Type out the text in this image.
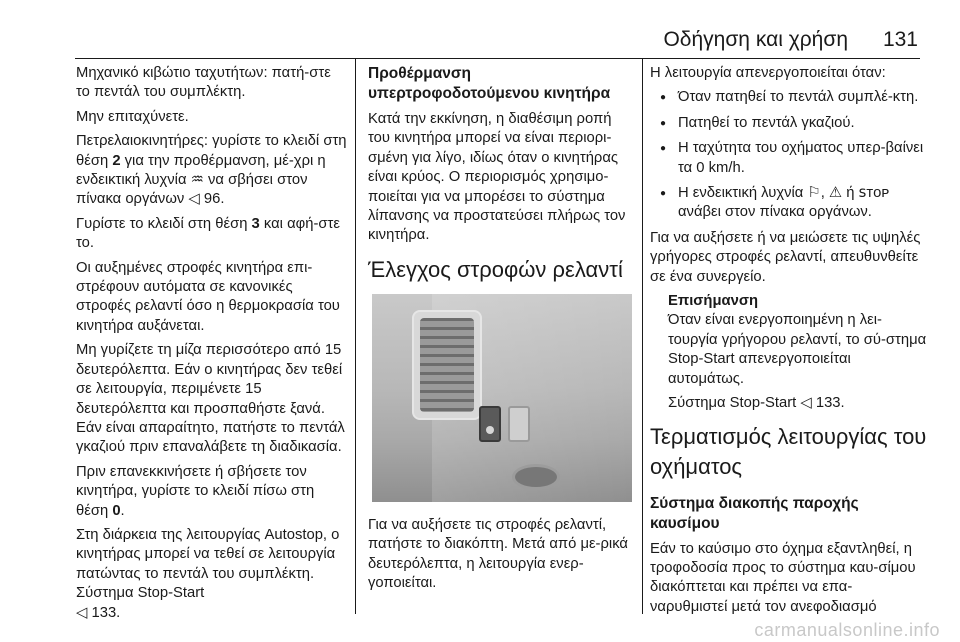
Οδήγηση και χρήση 131

Μηχανικό κιβώτιο ταχυτήτων: πατή-στε το πεντάλ του συμπλέκτη.

Μην επιταχύνετε.

Πετρελαιοκινητήρες: γυρίστε το κλειδί στη θέση 2 για την προθέρμανση, μέ-χρι η ενδεικτική λυχνία ♒ να σβήσει στον πίνακα οργάνων ◁ 96.

Γυρίστε το κλειδί στη θέση 3 και αφή-στε το.

Οι αυξημένες στροφές κινητήρα επι-στρέφουν αυτόματα σε κανονικές στροφές ρελαντί όσο η θερμοκρασία του κινητήρα αυξάνεται.

Μη γυρίζετε τη μίζα περισσότερο από 15 δευτερόλεπτα. Εάν ο κινητήρας δεν τεθεί σε λειτουργία, περιμένετε 15 δευτερόλεπτα και προσπαθήστε ξανά. Εάν είναι απαραίτητο, πατήστε το πεντάλ γκαζιού πριν επαναλάβετε τη διαδικασία.

Πριν επανεκκινήσετε ή σβήσετε τον κινητήρα, γυρίστε το κλειδί πίσω στη θέση 0.

Στη διάρκεια της λειτουργίας Autostop, ο κινητήρας μπορεί να τεθεί σε λειτουργία πατώντας το πεντάλ του συμπλέκτη. Σύστημα Stop-Start
◁ 133.

Προθέρμανση υπερτροφοδοτούμενου κινητήρα

Κατά την εκκίνηση, η διαθέσιμη ροπή του κινητήρα μπορεί να είναι περιορι-σμένη για λίγο, ιδίως όταν ο κινητήρας είναι κρύος. Ο περιορισμός χρησιμο-ποιείται για να μπορέσει το σύστημα λίπανσης να προστατεύσει πλήρως τον κινητήρα.

Έλεγχος στροφών ρελαντί

Για να αυξήσετε τις στροφές ρελαντί, πατήστε το διακόπτη. Μετά από με-ρικά δευτερόλεπτα, η λειτουργία ενερ-γοποιείται.

Η λειτουργία απενεργοποιείται όταν:

● Όταν πατηθεί το πεντάλ συμπλέ-κτη.
● Πατηθεί το πεντάλ γκαζιού.
● Η ταχύτητα του οχήματος υπερ-βαίνει τα 0 km/h.
● Η ενδεικτική λυχνία ⚐, ⚠ ή ꜱᴛᴏᴘ ανάβει στον πίνακα οργάνων.

Για να αυξήσετε ή να μειώσετε τις υψηλές γρήγορες στροφές ρελαντί, απευθυνθείτε σε ένα συνεργείο.

Επισήμανση

Όταν είναι ενεργοποιημένη η λει-τουργία γρήγορου ρελαντί, το σύ-στημα Stop-Start απενεργοποιείται αυτομάτως.

Σύστημα Stop-Start ◁ 133.

Τερματισμός λειτουργίας του οχήματος
Σύστημα διακοπής παροχής καυσίμου

Εάν το καύσιμο στο όχημα εξαντληθεί, η τροφοδοσία προς το σύστημα καυ-σίμου διακόπτεται και πρέπει να επα-ναρυθμιστεί μετά τον ανεφοδιασμό

carmanualsonline.info
